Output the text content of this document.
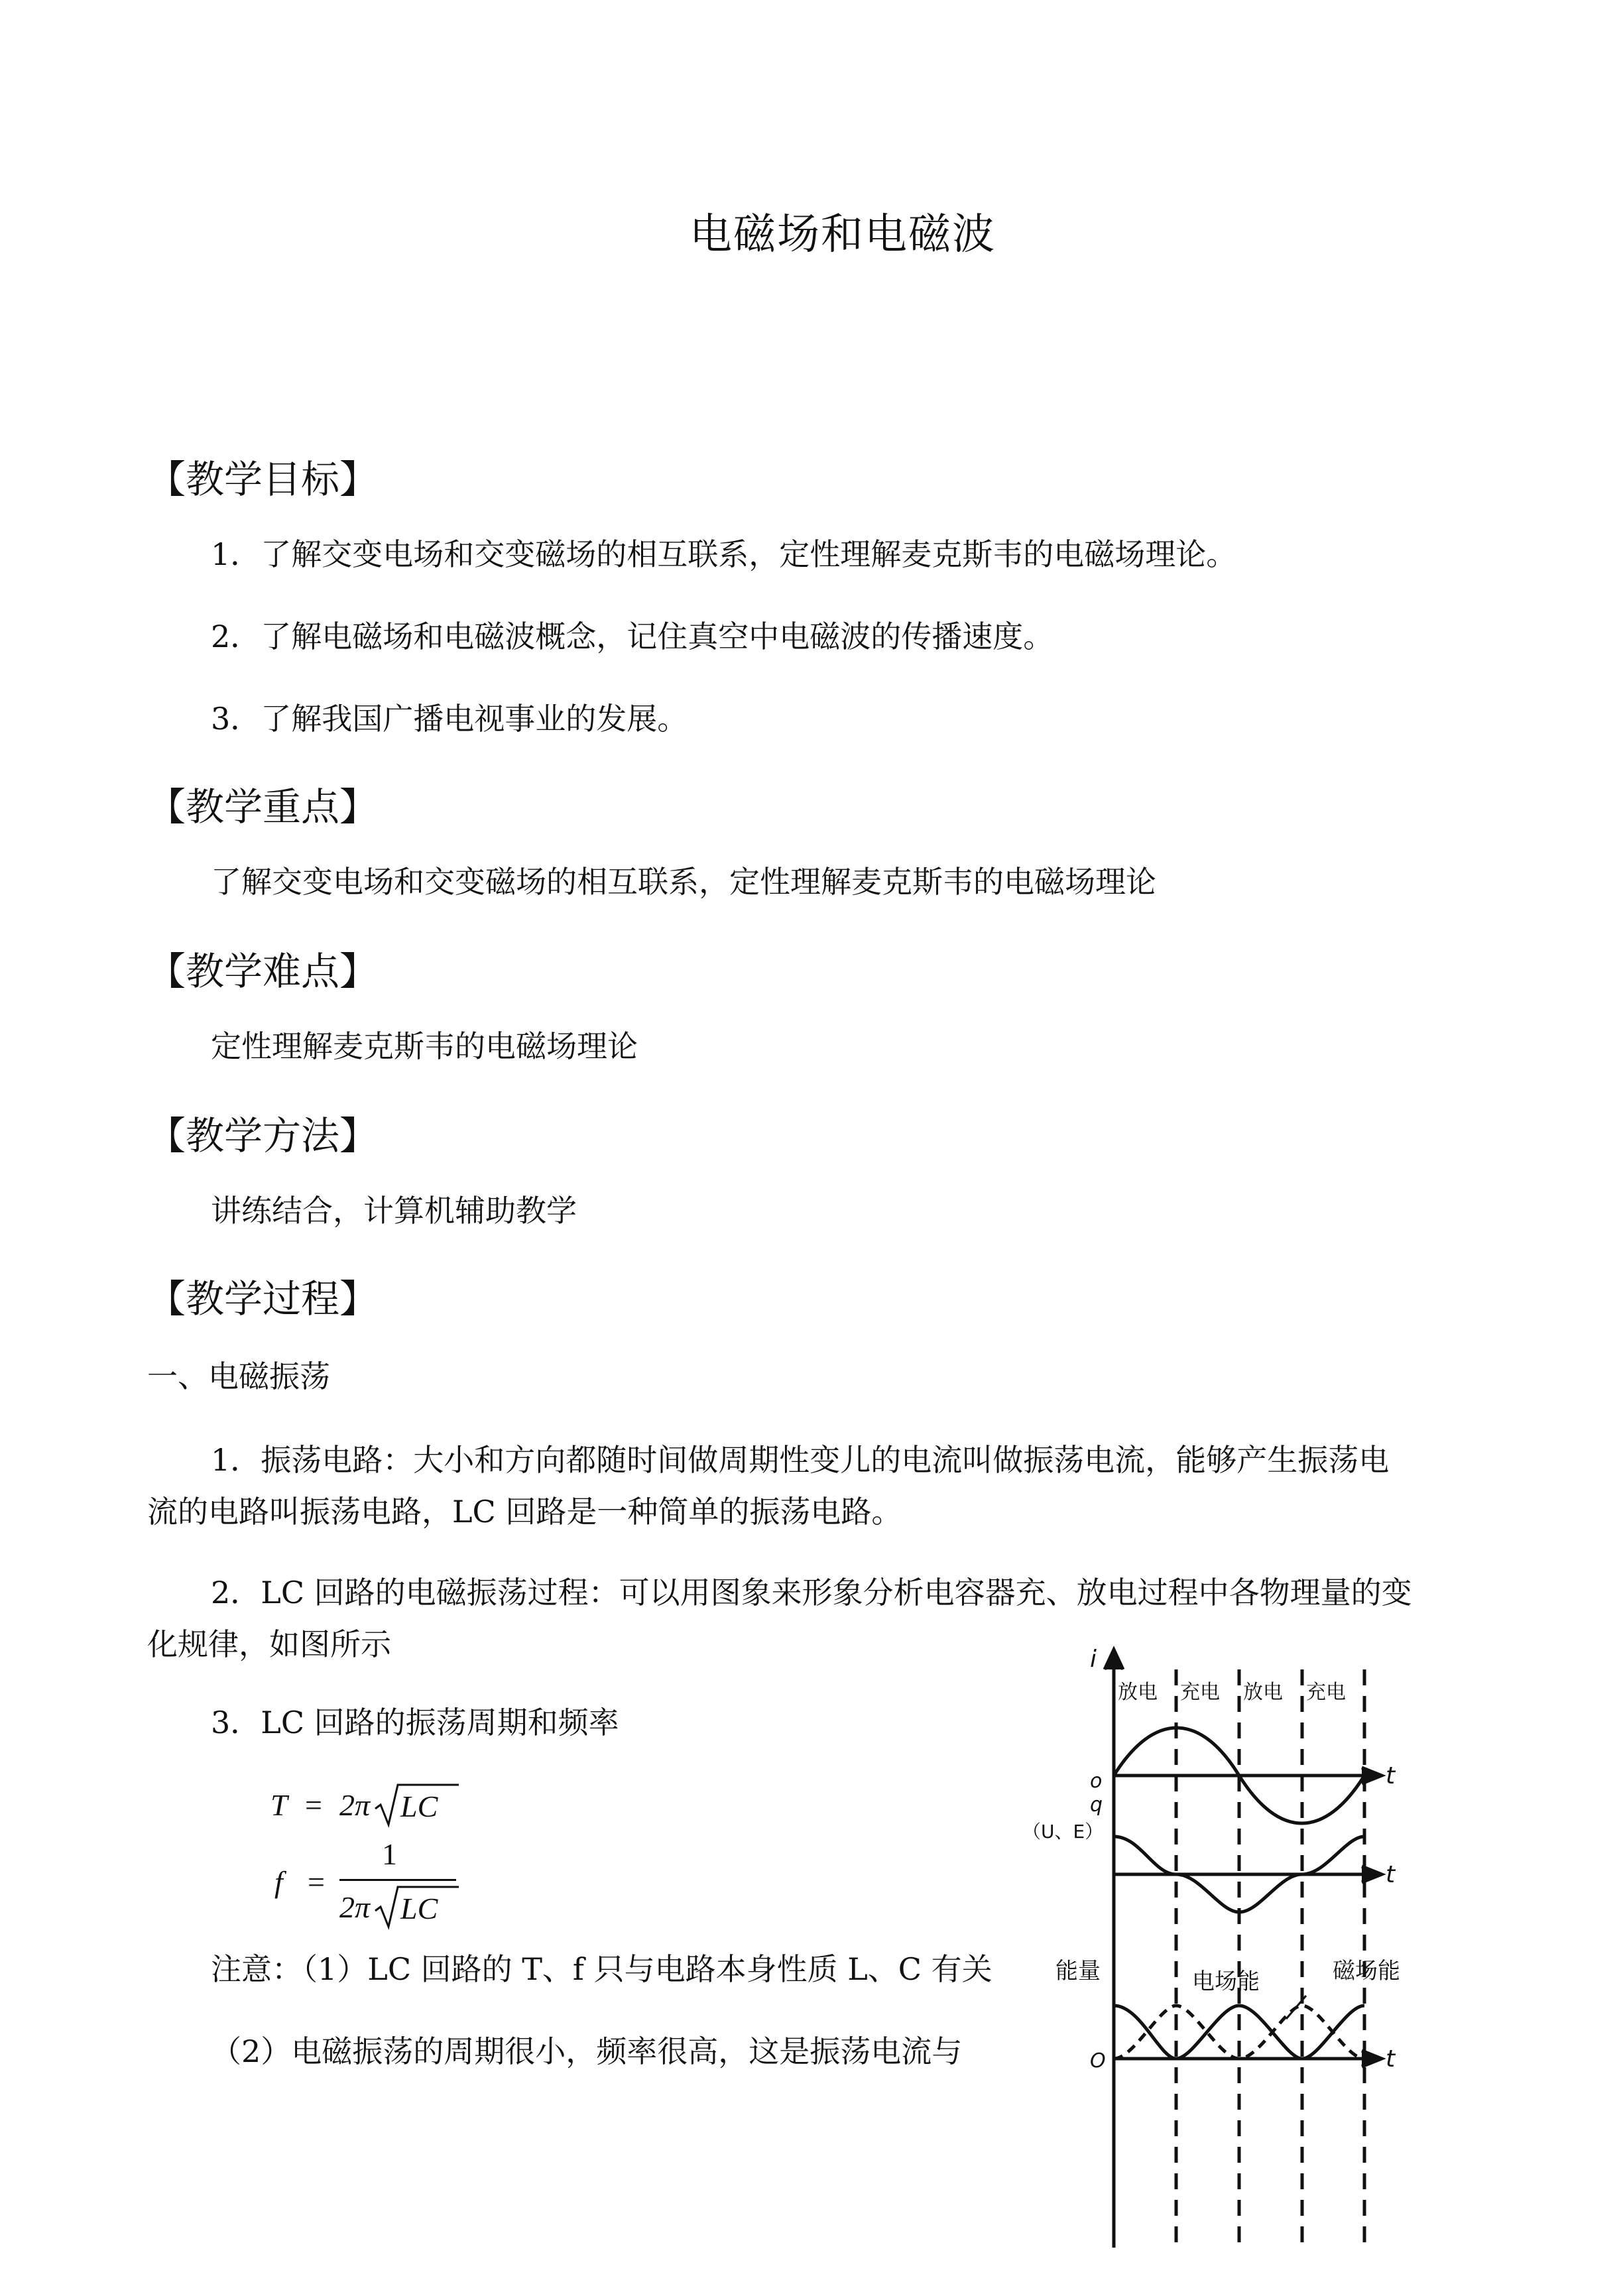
电磁场和电磁波
【教学目标】
1．了解交变电场和交变磁场的相互联系，定性理解麦克斯韦的电磁场理论。
2．了解电磁场和电磁波概念，记住真空中电磁波的传播速度。
3．了解我国广播电视事业的发展。
【教学重点】
了解交变电场和交变磁场的相互联系，定性理解麦克斯韦的电磁场理论
【教学难点】
定性理解麦克斯韦的电磁场理论
【教学方法】
讲练结合，计算机辅助教学
【教学过程】
一、电磁振荡
1．振荡电路：大小和方向都随时间做周期性变儿的电流叫做振荡电流，能够产生振荡电
流的电路叫振荡电路，LC 回路是一种简单的振荡电路。
2．LC 回路的电磁振荡过程：可以用图象来形象分析电容器充、放电过程中各物理量的变
化规律，如图所示
3．LC 回路的振荡周期和频率
T = 2π LC
f =
1
2π LC
注意：（1）LC 回路的 T、f 只与电路本身性质 L、C 有关
（2）电磁振荡的周期很小，频率很高，这是振荡电流与
放电 充电 放电 充电
i
t
t
t
o
q
（U、E）
能量
O
电场能	磁场能
